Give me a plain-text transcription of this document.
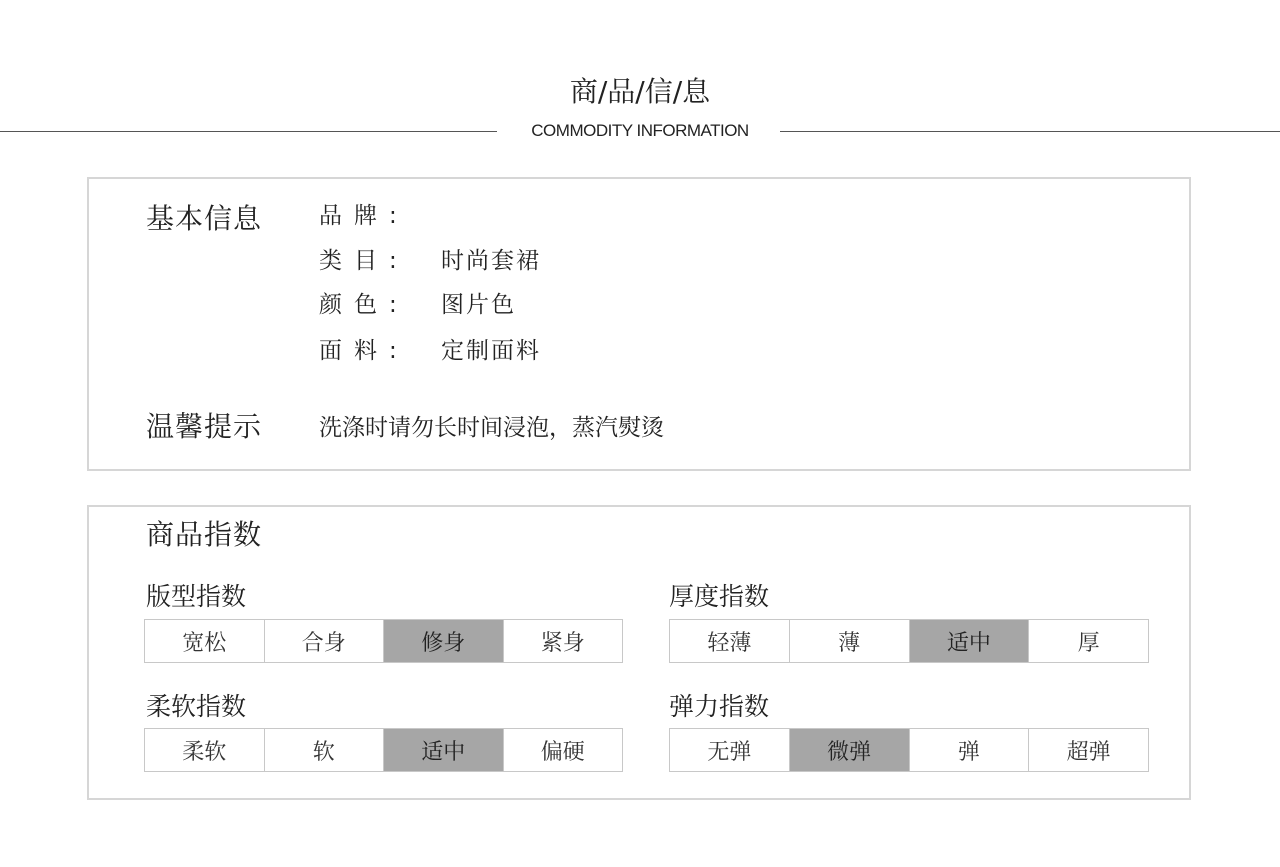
商/品/信/息
COMMODITY INFORMATION
基本信息 品牌:
类目: 时尚套裙
颜色: 图片色
面料: 定制面料
温馨提示 洗涤时请勿长时间浸泡，蒸汽熨烫
商品指数
版型指数
宽松	合身	修身	紧身
厚度指数
轻薄	薄	适中	厚
柔软指数
柔软	软	适中	偏硬
弹力指数
无弹	微弹	弹	超弹
